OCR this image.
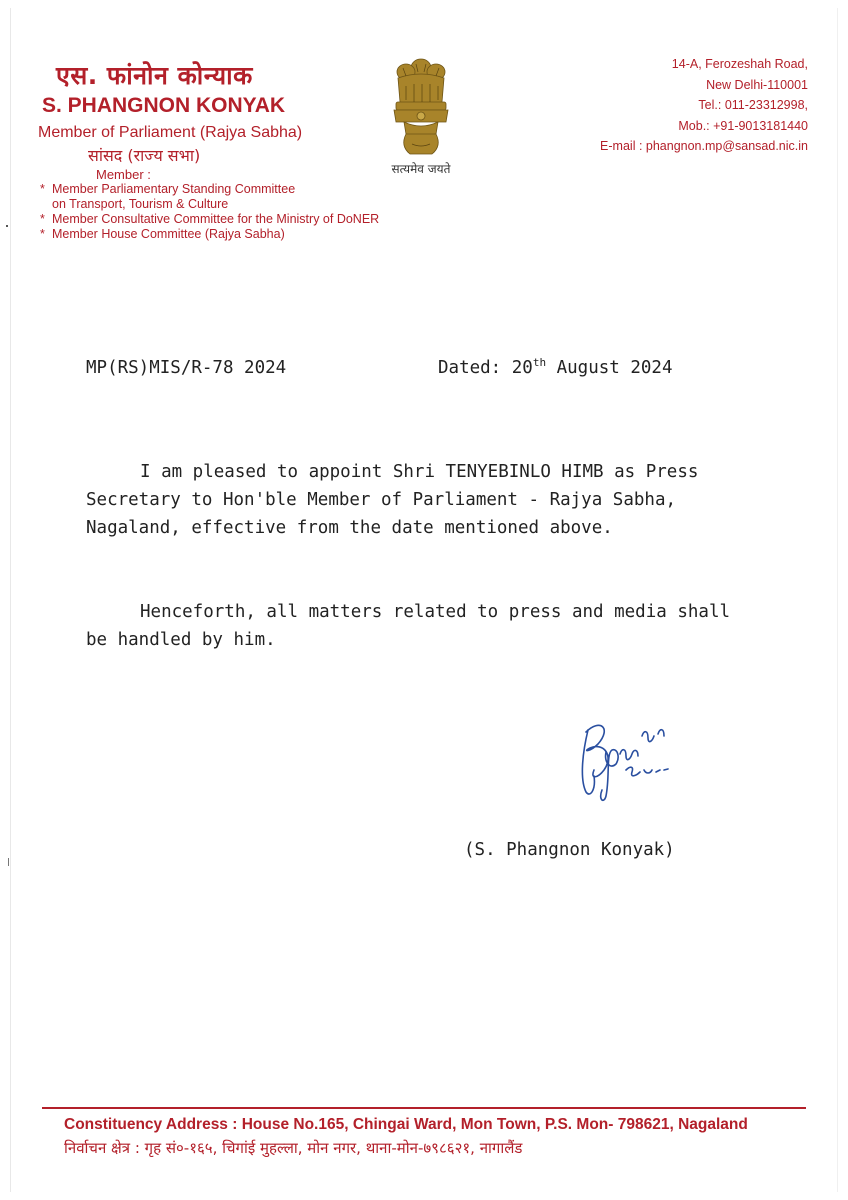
एस. फांनोन कोन्याक
S. PHANGNON KONYAK
Member of Parliament (Rajya Sabha)
सांसद (राज्य सभा)
Member :
* Member Parliamentary Standing Committee
on Transport, Tourism & Culture
* Member Consultative Committee for the Ministry of DoNER
* Member House Committee (Rajya Sabha)
सत्यमेव जयते
14-A, Ferozeshah Road,
New Delhi-110001
Tel.: 011-23312998,
Mob.: +91-9013181440
E-mail : phangnon.mp@sansad.nic.in
MP(RS)MIS/R-78 2024	Dated: 20th August 2024
I am pleased to appoint Shri TENYEBINLO HIMB as Press Secretary to Hon'ble Member of Parliament - Rajya Sabha, Nagaland, effective from the date mentioned above.
Henceforth, all matters related to press and media shall be handled by him.
(S. Phangnon Konyak)
Constituency Address : House No.165, Chingai Ward, Mon Town, P.S. Mon- 798621, Nagaland
निर्वाचन क्षेत्र : गृह सं०-१६५, चिगांई मुहल्ला, मोन नगर, थाना-मोन-७९८६२१, नागालैंड
